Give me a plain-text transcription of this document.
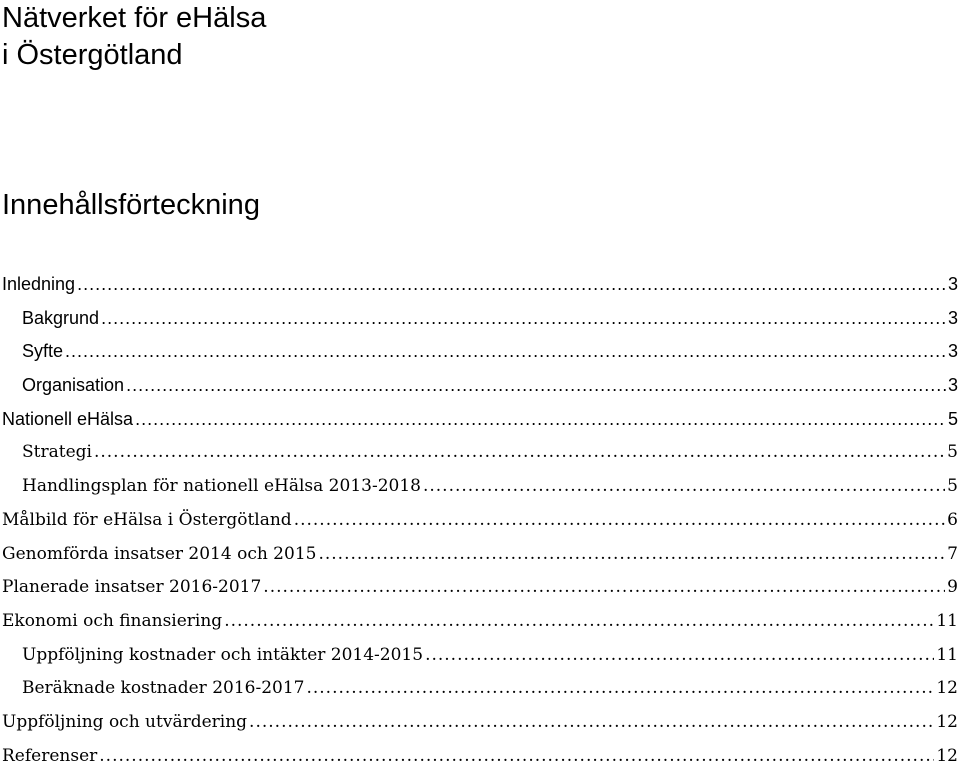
Nätverket för eHälsa
i Östergötland
Innehållsförteckning
Inledning .....	3
Bakgrund .....	3
Syfte .....	3
Organisation .....	3
Nationell eHälsa .....	5
Strategi .....	5
Handlingsplan för nationell eHälsa 2013-2018 .....	5
Målbild för eHälsa i Östergötland .....	6
Genomförda insatser 2014 och 2015 .....	7
Planerade insatser 2016-2017 .....	9
Ekonomi och finansiering .....	11
Uppföljning kostnader och intäkter 2014-2015 .....	11
Beräknade kostnader 2016-2017 .....	12
Uppföljning och utvärdering .....	12
Referenser .....	12
